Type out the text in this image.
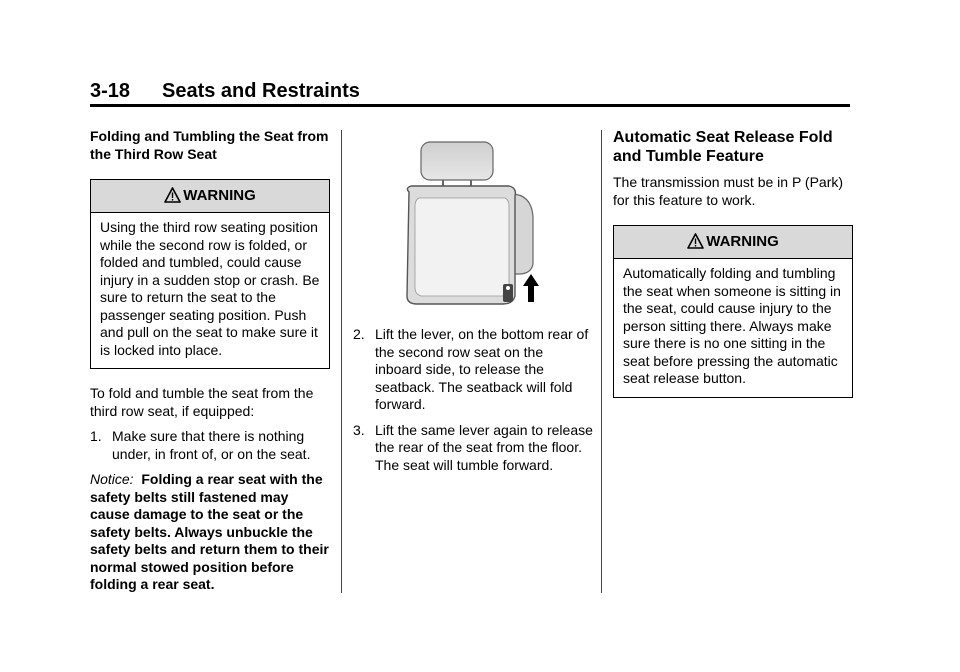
3-18 Seats and Restraints

Folding and Tumbling the Seat from the Third Row Seat

WARNING
Using the third row seating position while the second row is folded, or folded and tumbled, could cause injury in a sudden stop or crash. Be sure to return the seat to the passenger seating position. Push and pull on the seat to make sure it is locked into place.

To fold and tumble the seat from the third row seat, if equipped:

1. Make sure that there is nothing under, in front of, or on the seat.

Notice: Folding a rear seat with the safety belts still fastened may cause damage to the seat or the safety belts. Always unbuckle the safety belts and return them to their normal stowed position before folding a rear seat.

2. Lift the lever, on the bottom rear of the second row seat on the inboard side, to release the seatback. The seatback will fold forward.
3. Lift the same lever again to release the rear of the seat from the floor. The seat will tumble forward.

Automatic Seat Release Fold and Tumble Feature

The transmission must be in P (Park) for this feature to work.

WARNING
Automatically folding and tumbling the seat when someone is sitting in the seat, could cause injury to the person sitting there. Always make sure there is no one sitting in the seat before pressing the automatic seat release button.
